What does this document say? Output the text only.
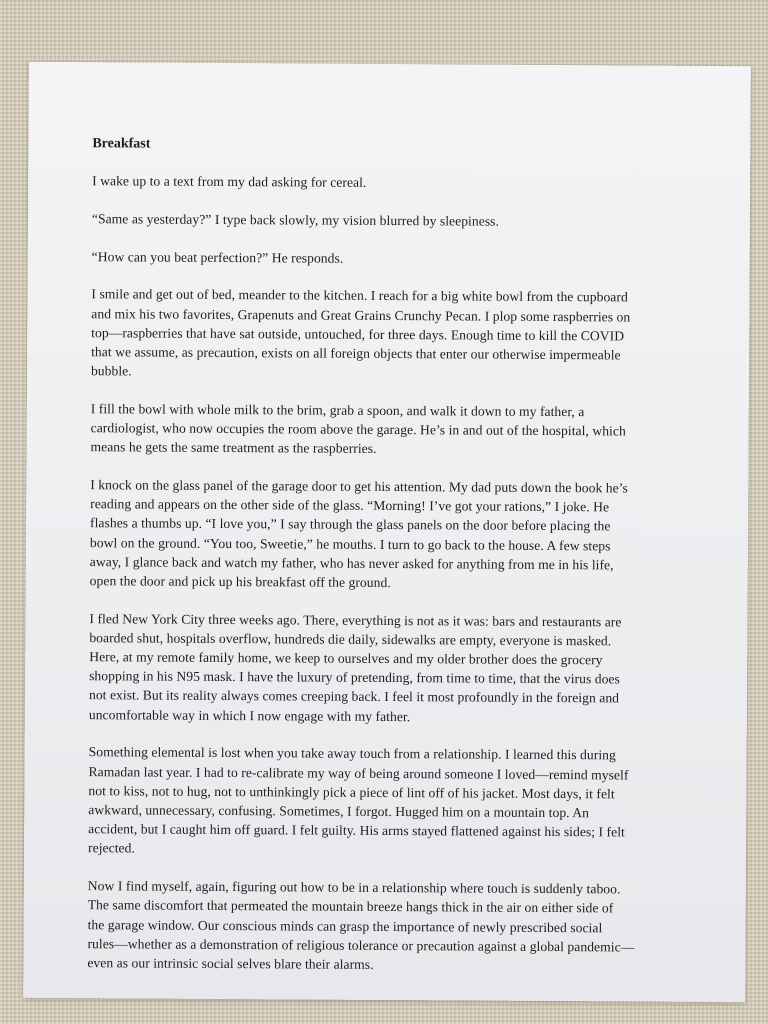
Breakfast

I wake up to a text from my dad asking for cereal.

“Same as yesterday?” I type back slowly, my vision blurred by sleepiness.

“How can you beat perfection?” He responds.

I smile and get out of bed, meander to the kitchen. I reach for a big white bowl from the cupboard
and mix his two favorites, Grapenuts and Great Grains Crunchy Pecan. I plop some raspberries on
top—raspberries that have sat outside, untouched, for three days. Enough time to kill the COVID
that we assume, as precaution, exists on all foreign objects that enter our otherwise impermeable
bubble.

I fill the bowl with whole milk to the brim, grab a spoon, and walk it down to my father, a
cardiologist, who now occupies the room above the garage. He’s in and out of the hospital, which
means he gets the same treatment as the raspberries.

I knock on the glass panel of the garage door to get his attention. My dad puts down the book he’s
reading and appears on the other side of the glass. “Morning! I’ve got your rations,” I joke. He
flashes a thumbs up. “I love you,” I say through the glass panels on the door before placing the
bowl on the ground. “You too, Sweetie,” he mouths. I turn to go back to the house. A few steps
away, I glance back and watch my father, who has never asked for anything from me in his life,
open the door and pick up his breakfast off the ground.

I fled New York City three weeks ago. There, everything is not as it was: bars and restaurants are
boarded shut, hospitals overflow, hundreds die daily, sidewalks are empty, everyone is masked.
Here, at my remote family home, we keep to ourselves and my older brother does the grocery
shopping in his N95 mask. I have the luxury of pretending, from time to time, that the virus does
not exist. But its reality always comes creeping back. I feel it most profoundly in the foreign and
uncomfortable way in which I now engage with my father.

Something elemental is lost when you take away touch from a relationship. I learned this during
Ramadan last year. I had to re-calibrate my way of being around someone I loved—remind myself
not to kiss, not to hug, not to unthinkingly pick a piece of lint off of his jacket. Most days, it felt
awkward, unnecessary, confusing. Sometimes, I forgot. Hugged him on a mountain top. An
accident, but I caught him off guard. I felt guilty. His arms stayed flattened against his sides; I felt
rejected.

Now I find myself, again, figuring out how to be in a relationship where touch is suddenly taboo.
The same discomfort that permeated the mountain breeze hangs thick in the air on either side of
the garage window. Our conscious minds can grasp the importance of newly prescribed social
rules—whether as a demonstration of religious tolerance or precaution against a global pandemic—
even as our intrinsic social selves blare their alarms.
